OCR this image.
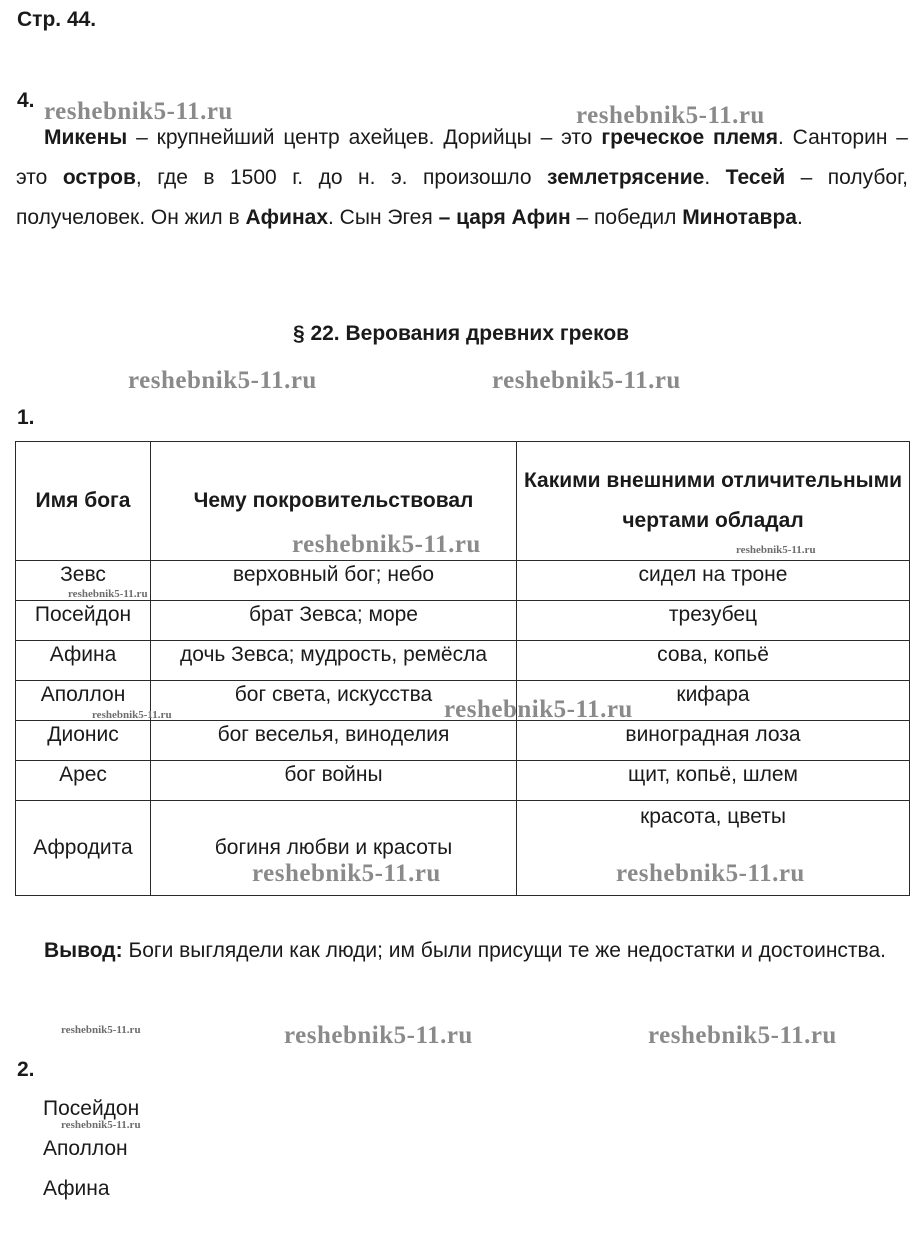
Стр. 44.
4. reshebnik5-11.ru	reshebnik5-11.ru
Микены – крупнейший центр ахейцев. Дорийцы – это греческое племя. Санторин – это остров, где в 1500 г. до н. э. произошло землетрясение. Тесей – полубог, получеловек. Он жил в Афинах. Сын Эгея – царя Афин – победил Минотавра.
§ 22. Верования древних греков
reshebnik5-11.ru	reshebnik5-11.ru
1.
Имя бога	Чему покровительствовал	Какими внешними отличительными чертами обладал
Зевс	верховный бог; небо	сидел на троне
Посейдон	брат Зевса; море	трезубец
Афина	дочь Зевса; мудрость, ремёсла	сова, копьё
Аполлон	бог света, искусства	кифара
Дионис	бог веселья, виноделия	виноградная лоза
Арес	бог войны	щит, копьё, шлем
Афродита	богиня любви и красоты	красота, цветы
reshebnik5-11.ru	reshebnik5-11.ru
reshebnik5-11.ru
reshebnik5-11.ru
reshebnik5-11.ru
reshebnik5-11.ru	reshebnik5-11.ru
Вывод: Боги выглядели как люди; им были присущи те же недостатки и достоинства.
reshebnik5-11.ru	reshebnik5-11.ru	reshebnik5-11.ru
2.
Посейдон
reshebnik5-11.ru
Аполлон
Афина
